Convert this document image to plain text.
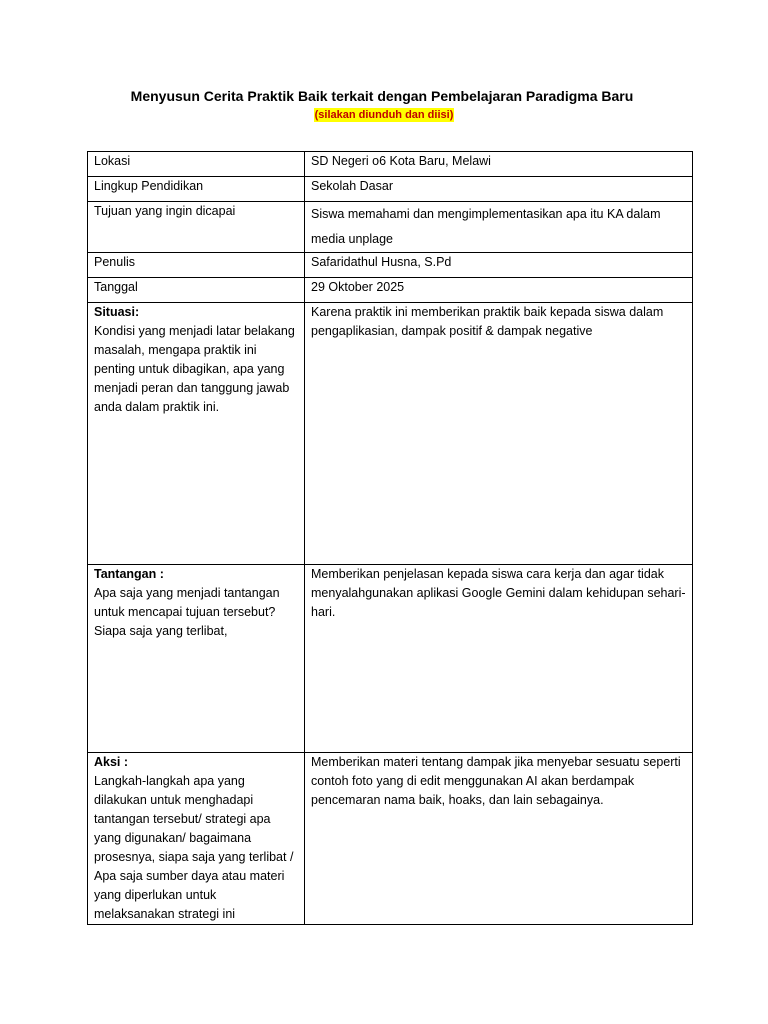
Menyusun Cerita Praktik Baik terkait dengan Pembelajaran Paradigma Baru
(silakan diunduh dan diisi)
Lokasi	SD Negeri o6 Kota Baru, Melawi
Lingkup Pendidikan	Sekolah Dasar
Tujuan yang ingin dicapai	Siswa memahami dan mengimplementasikan apa itu KA dalam media unplage
Penulis	Safaridathul Husna, S.Pd
Tanggal	29 Oktober 2025

Situasi:
Kondisi yang menjadi latar belakang masalah, mengapa praktik ini penting untuk dibagikan, apa yang menjadi peran dan tanggung jawab anda dalam praktik ini.	Karena praktik ini memberikan praktik baik kepada siswa dalam pengaplikasian, dampak positif & dampak negative

Tantangan :
Apa saja yang menjadi tantangan untuk mencapai tujuan tersebut? Siapa saja yang terlibat,	Memberikan penjelasan kepada siswa cara kerja dan agar tidak menyalahgunakan aplikasi Google Gemini dalam kehidupan sehari-hari.

Aksi :
Langkah-langkah apa yang dilakukan untuk menghadapi tantangan tersebut/ strategi apa yang digunakan/ bagaimana prosesnya, siapa saja yang terlibat / Apa saja sumber daya atau materi yang diperlukan untuk melaksanakan strategi ini	Memberikan materi tentang dampak jika menyebar sesuatu seperti contoh foto yang di edit menggunakan AI akan berdampak pencemaran nama baik, hoaks, dan lain sebagainya.
